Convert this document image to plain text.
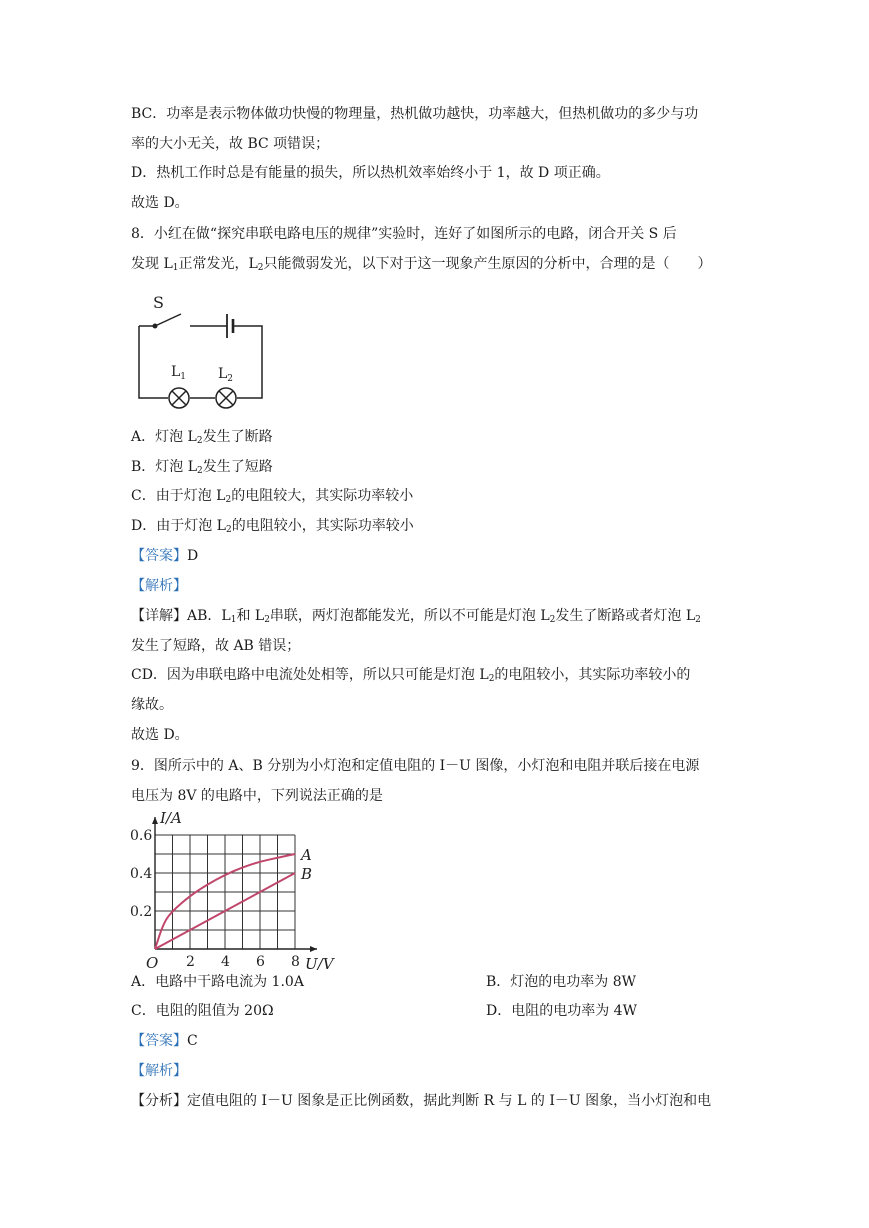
BC．功率是表示物体做功快慢的物理量，热机做功越快，功率越大，但热机做功的多少与功
率的大小无关，故 BC 项错误；
D．热机工作时总是有能量的损失，所以热机效率始终小于 1，故 D 项正确。
故选 D。
8．小红在做“探究串联电路电压的规律”实验时，连好了如图所示的电路，闭合开关 S 后
发现 $L_1$正常发光，$L_2$只能微弱发光，以下对于这一现象产生原因的分析中，合理的是（　　）
S
$L_1$ $L_2$
A．灯泡 $L_2$发生了断路
B．灯泡 $L_2$发生了短路
C．由于灯泡 $L_2$的电阻较大，其实际功率较小
D．由于灯泡 $L_2$的电阻较小，其实际功率较小
【答案】D
【解析】
【详解】AB．$L_1$和 $L_2$串联，两灯泡都能发光，所以不可能是灯泡 $L_2$发生了断路或者灯泡 $L_2$
发生了短路，故 AB 错误；
CD．因为串联电路中电流处处相等，所以只可能是灯泡 $L_2$的电阻较小，其实际功率较小的
缘故。
故选 D。
9．图所示中的 A、B 分别为小灯泡和定值电阻的 I－U 图像，小灯泡和电阻并联后接在电源
电压为 8V 的电路中，下列说法正确的是
A
B
2 4 6 8
0.2
0.4
0.6
O	U/V
I/A
A．电路中干路电流为 1.0A	B．灯泡的电功率为 8W
C．电阻的阻值为 20Ω	D．电阻的电功率为 4W
【答案】C
【解析】
【分析】定值电阻的 I－U 图象是正比例函数，据此判断 R 与 L 的 I－U 图象，当小灯泡和电
